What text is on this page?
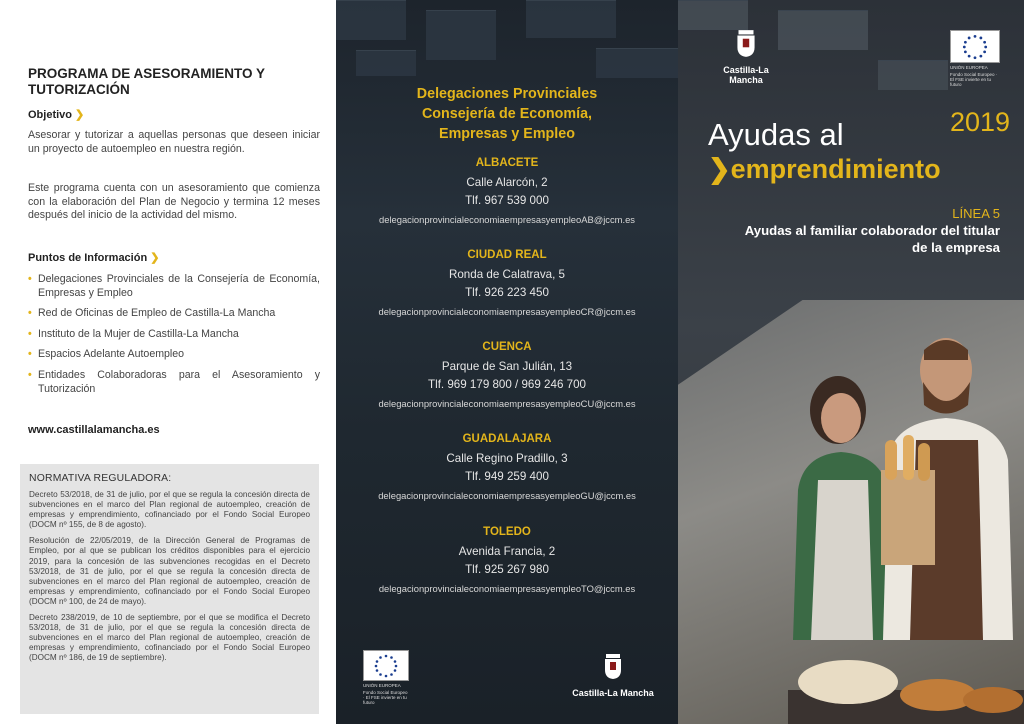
PROGRAMA DE ASESORAMIENTO Y TUTORIZACIÓN
Objetivo ❯

Asesorar y tutorizar a aquellas personas que deseen iniciar un proyecto de autoempleo en nuestra región.

Este programa cuenta con un asesoramiento que comienza con la elaboración del Plan de Negocio y termina 12 meses después del inicio de la actividad del mismo.

Puntos de Información ❯
• Delegaciones Provinciales de la Consejería de Economía, Empresas y Empleo
• Red de Oficinas de Empleo de Castilla-La Mancha
• Instituto de la Mujer de Castilla-La Mancha
• Espacios Adelante Autoempleo
• Entidades Colaboradoras para el Asesoramiento y Tutorización
www.castillalamancha.es
NORMATIVA REGULADORA:

Decreto 53/2018, de 31 de julio, por el que se regula la concesión directa de subvenciones en el marco del Plan regional de autoempleo, creación de empresas y emprendimiento, cofinanciado por el Fondo Social Europeo (DOCM nº 155, de 8 de agosto).

Resolución de 22/05/2019, de la Dirección General de Programas de Empleo, por al que se publican los créditos disponibles para el ejercicio 2019, para la concesión de las subvenciones recogidas en el Decreto 53/2018, de 31 de julio, por el que se regula la concesión directa de subvenciones en el marco del Plan regional de autoempleo, creación de empresas y emprendimiento, cofinanciado por el Fondo Social Europeo (DOCM nº 100, de 24 de mayo).

Decreto 238/2019, de 10 de septiembre, por el que se modifica el Decreto 53/2018, de 31 de julio, por el que se regula la concesión directa de subvenciones en el marco del Plan regional de autoempleo, creación de empresas y emprendimiento, cofinanciado por el Fondo Social Europeo (DOCM nº 186, de 19 de septiembre).

Delegaciones Provinciales
Consejería de Economía,
Empresas y Empleo
ALBACETE
Calle Alarcón, 2
Tlf. 967 539 000
delegacionprovincialeconomiaempresasyempleoAB@jccm.es
CIUDAD REAL
Ronda de Calatrava, 5
Tlf. 926 223 450
delegacionprovincialeconomiaempresasyempleoCR@jccm.es
CUENCA
Parque de San Julián, 13
Tlf. 969 179 800 / 969 246 700
delegacionprovincialeconomiaempresasyempleoCU@jccm.es
GUADALAJARA
Calle Regino Pradillo, 3
Tlf. 949 259 400
delegacionprovincialeconomiaempresasyempleoGU@jccm.es
TOLEDO
Avenida Francia, 2
Tlf. 925 267 980
delegacionprovincialeconomiaempresasyempleoTO@jccm.es
UNIÓN EUROPEA
Fondo Social Europeo · El FSE invierte en tu futuro
Castilla-La Mancha
Castilla-La Mancha
UNIÓN EUROPEA
Fondo Social Europeo · El FSE invierte en tu futuro
2019
Ayudas al
❯emprendimiento
LÍNEA 5
Ayudas al familiar colaborador del titular de la empresa
